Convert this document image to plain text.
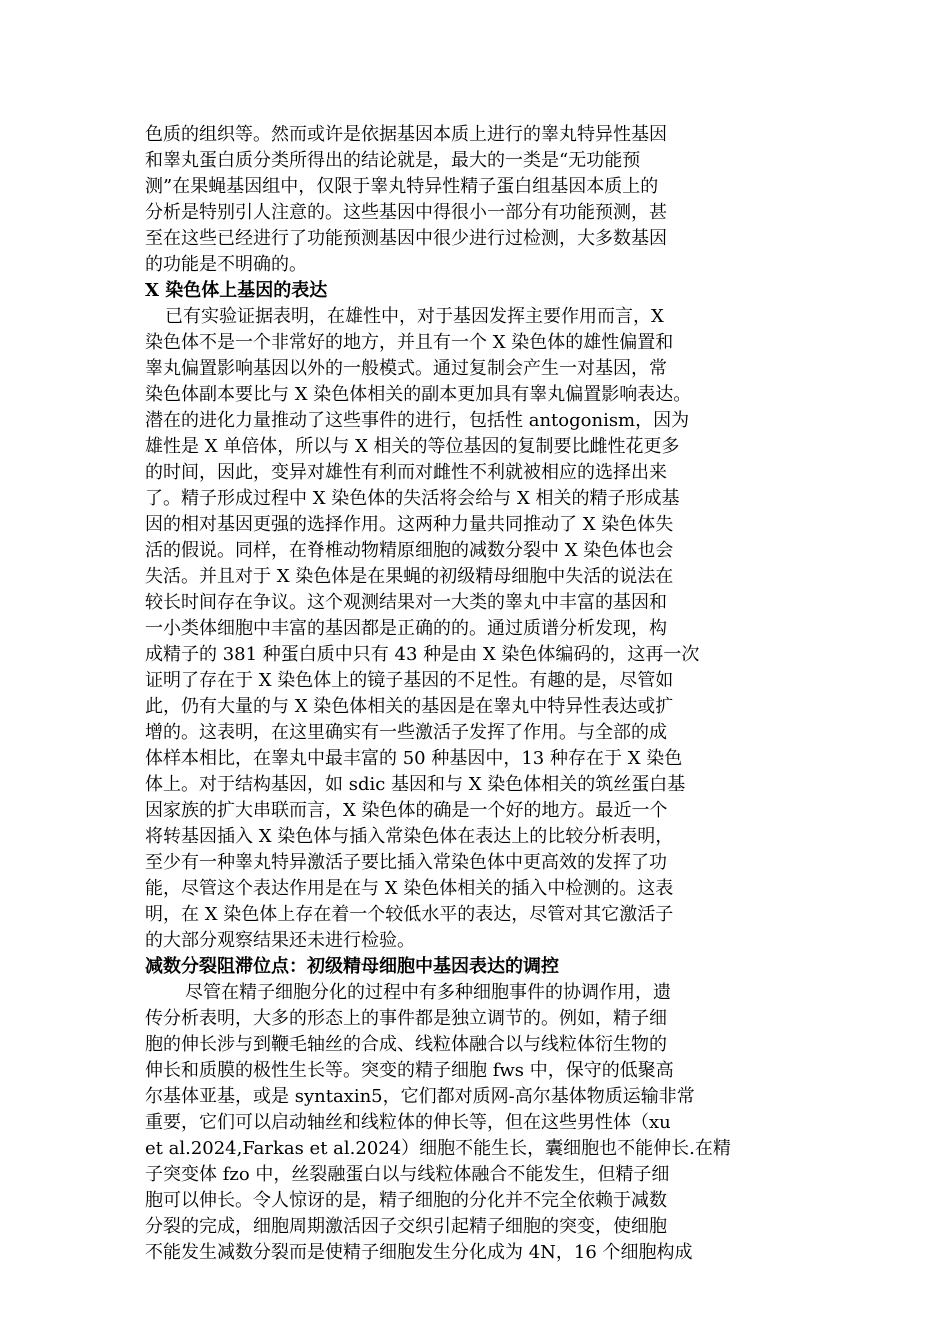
色质的组织等。然而或许是依据基因本质上进行的睾丸特异性基因
和睾丸蛋白质分类所得出的结论就是，最大的一类是“无功能预
测”在果蝇基因组中，仅限于睾丸特异性精子蛋白组基因本质上的
分析是特别引人注意的。这些基因中得很小一部分有功能预测，甚
至在这些已经进行了功能预测基因中很少进行过检测，大多数基因
的功能是不明确的。
X 染色体上基因的表达
已有实验证据表明，在雄性中，对于基因发挥主要作用而言，X
染色体不是一个非常好的地方，并且有一个 X 染色体的雄性偏置和
睾丸偏置影响基因以外的一般模式。通过复制会产生一对基因，常
染色体副本要比与 X 染色体相关的副本更加具有睾丸偏置影响表达。
潜在的进化力量推动了这些事件的进行，包括性 antogonism，因为
雄性是 X 单倍体，所以与 X 相关的等位基因的复制要比雌性花更多
的时间，因此，变异对雄性有利而对雌性不利就被相应的选择出来
了。精子形成过程中 X 染色体的失活将会给与 X 相关的精子形成基
因的相对基因更强的选择作用。这两种力量共同推动了 X 染色体失
活的假说。同样，在脊椎动物精原细胞的减数分裂中 X 染色体也会
失活。并且对于 X 染色体是在果蝇的初级精母细胞中失活的说法在
较长时间存在争议。这个观测结果对一大类的睾丸中丰富的基因和
一小类体细胞中丰富的基因都是正确的的。通过质谱分析发现，构
成精子的 381 种蛋白质中只有 43 种是由 X 染色体编码的，这再一次
证明了存在于 X 染色体上的镜子基因的不足性。有趣的是，尽管如
此，仍有大量的与 X 染色体相关的基因是在睾丸中特异性表达或扩
增的。这表明，在这里确实有一些激活子发挥了作用。与全部的成
体样本相比，在睾丸中最丰富的 50 种基因中，13 种存在于 X 染色
体上。对于结构基因，如 sdic 基因和与 X 染色体相关的筑丝蛋白基
因家族的扩大串联而言，X 染色体的确是一个好的地方。最近一个
将转基因插入 X 染色体与插入常染色体在表达上的比较分析表明，
至少有一种睾丸特异激活子要比插入常染色体中更高效的发挥了功
能，尽管这个表达作用是在与 X 染色体相关的插入中检测的。这表
明，在 X 染色体上存在着一个较低水平的表达，尽管对其它激活子
的大部分观察结果还未进行检验。
减数分裂阻滞位点：初级精母细胞中基因表达的调控
尽管在精子细胞分化的过程中有多种细胞事件的协调作用，遗
传分析表明，大多的形态上的事件都是独立调节的。例如，精子细
胞的伸长涉与到鞭毛轴丝的合成、线粒体融合以与线粒体衍生物的
伸长和质膜的极性生长等。突变的精子细胞 fws 中，保守的低聚高
尔基体亚基，或是 syntaxin5，它们都对质网-高尔基体物质运输非常
重要，它们可以启动轴丝和线粒体的伸长等，但在这些男性体（xu
et al.2024,Farkas et al.2024）细胞不能生长，囊细胞也不能伸长.在精
子突变体 fzo 中，丝裂融蛋白以与线粒体融合不能发生，但精子细
胞可以伸长。令人惊讶的是，精子细胞的分化并不完全依赖于减数
分裂的完成，细胞周期激活因子交织引起精子细胞的突变，使细胞
不能发生减数分裂而是使精子细胞发生分化成为 4N，16 个细胞构成
